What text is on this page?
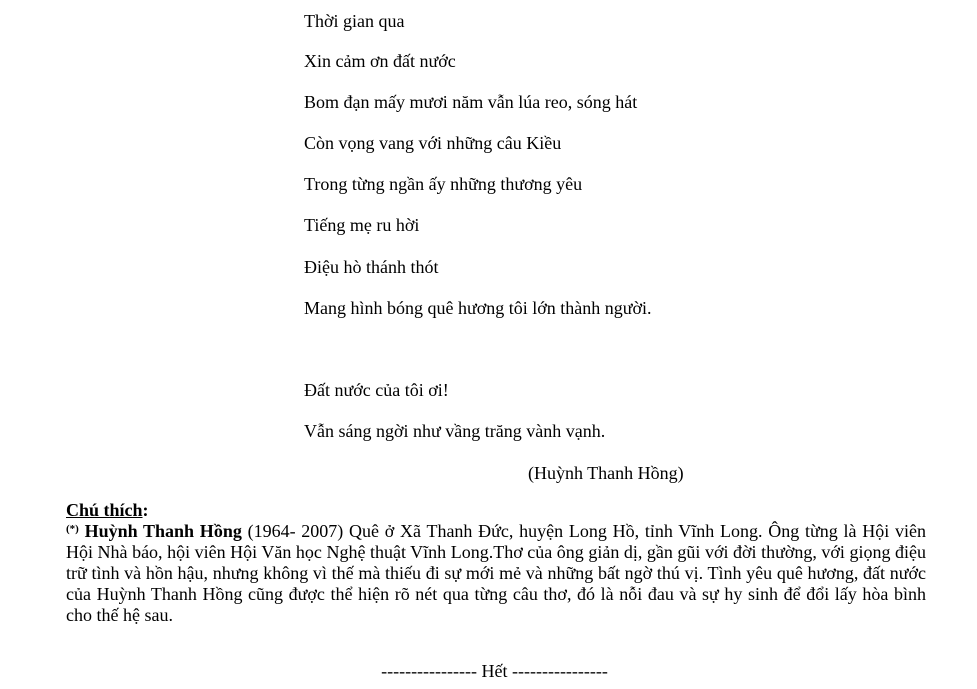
Thời gian qua
Xin cảm ơn đất nước
Bom đạn mấy mươi năm vẫn lúa reo, sóng hát
Còn vọng vang với những câu Kiều
Trong từng ngần ấy những thương yêu
Tiếng mẹ ru hời
Điệu hò thánh thót
Mang hình bóng quê hương tôi lớn thành người.
Đất nước của tôi ơi!
Vẫn sáng ngời như vầng trăng vành vạnh.
(Huỳnh Thanh Hồng)
Chú thích:

(*) Huỳnh Thanh Hồng (1964- 2007) Quê ở Xã Thanh Đức, huyện Long Hồ, tỉnh Vĩnh Long. Ông từng là Hội viên Hội Nhà báo, hội viên Hội Văn học Nghệ thuật Vĩnh Long.Thơ của ông giản dị, gần gũi với đời thường, với giọng điệu trữ tình và hồn hậu, nhưng không vì thế mà thiếu đi sự mới mẻ và những bất ngờ thú vị. Tình yêu quê hương, đất nước của Huỳnh Thanh Hồng cũng được thể hiện rõ nét qua từng câu thơ, đó là nỗi đau và sự hy sinh để đổi lấy hòa bình cho thế hệ sau.

---------------- Hết ----------------
